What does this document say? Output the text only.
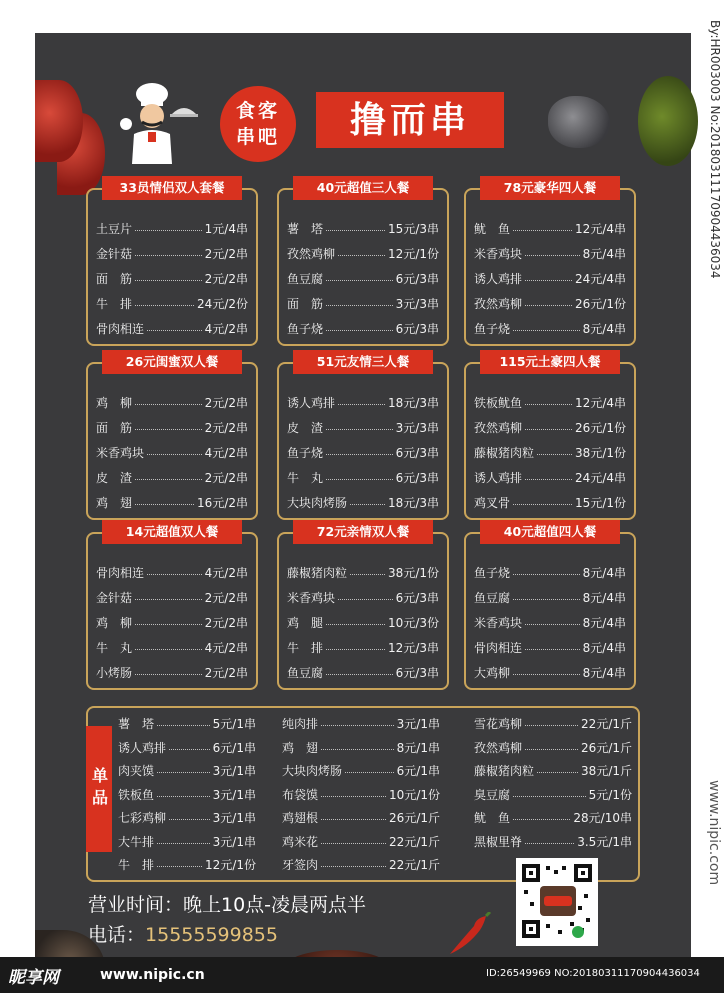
食客
串吧	撸而串
33员情侣双人套餐
土豆片	1元/4串
金针菇	2元/2串
面　筋	2元/2串
牛　排	24元/2份
骨肉相连	4元/2串
40元超值三人餐
薯　塔	15元/3串
孜然鸡柳	12元/1份
鱼豆腐	6元/3串
面　筋	3元/3串
鱼子烧	6元/3串
78元豪华四人餐
鱿　鱼	12元/4串
米香鸡块	8元/4串
诱人鸡排	24元/4串
孜然鸡柳	26元/1份
鱼子烧	8元/4串
26元闺蜜双人餐
鸡　柳	2元/2串
面　筋	2元/2串
米香鸡块	4元/2串
皮　渣	2元/2串
鸡　翅	16元/2串
51元友情三人餐
诱人鸡排	18元/3串
皮　渣	3元/3串
鱼子烧	6元/3串
牛　丸	6元/3串
大块肉烤肠	18元/3串
115元土豪四人餐
铁板鱿鱼	12元/4串
孜然鸡柳	26元/1份
藤椒猪肉粒	38元/1份
诱人鸡排	24元/4串
鸡叉骨	15元/1份
14元超值双人餐
骨肉相连	4元/2串
金针菇	2元/2串
鸡　柳	2元/2串
牛　丸	4元/2串
小烤肠	2元/2串
72元亲情双人餐
藤椒猪肉粒	38元/1份
米香鸡块	6元/3串
鸡　腿	10元/3份
牛　排	12元/3串
鱼豆腐	6元/3串
40元超值四人餐
鱼子烧	8元/4串
鱼豆腐	8元/4串
米香鸡块	8元/4串
骨肉相连	8元/4串
大鸡柳	8元/4串
单品
薯　塔	5元/1串
诱人鸡排	6元/1串
肉夹馍	3元/1串
铁板鱼	3元/1串
七彩鸡柳	3元/1串
大牛排	3元/1串
牛　排	12元/1份
纯肉排	3元/1串
鸡　翅	8元/1串
大块肉烤肠	6元/1串
布袋馍	10元/1份
鸡翅根	26元/1斤
鸡米花	22元/1斤
牙签肉	22元/1斤
雪花鸡柳	22元/1斤
孜然鸡柳	26元/1斤
藤椒猪肉粒	38元/1斤
臭豆腐	5元/1份
鱿　鱼	28元/10串
黑椒里脊	3.5元/1串
营业时间：晚上10点-凌晨两点半
电话：15555599855
昵享网	www.nipic.cn	ID:26549969 NO:20180311170904436034
By:HR003003 No:20180311170904436034
www.nipic.com
